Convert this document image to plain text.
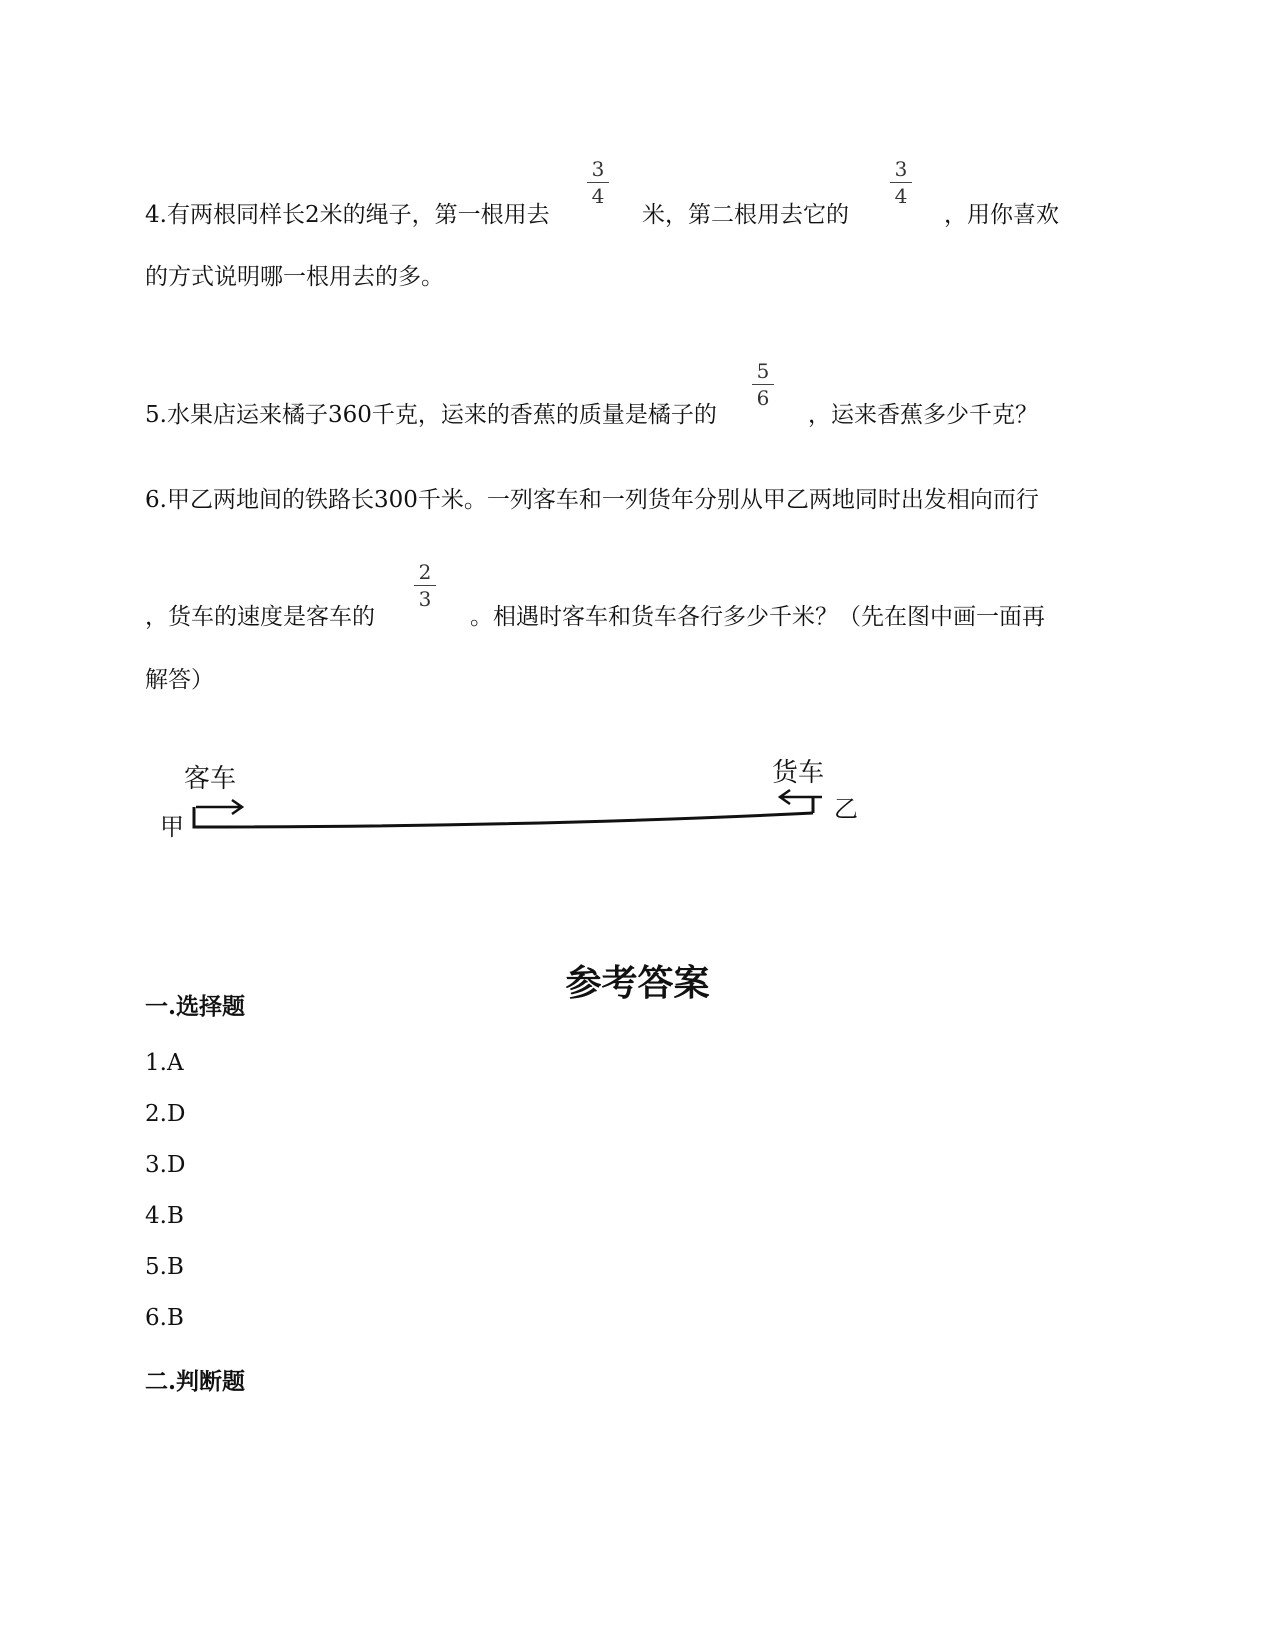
4.有两根同样长2米的绳子，第一根用去
3
4
米，第二根用去它的
3
4
，用你喜欢
的方式说明哪一根用去的多。
5.水果店运来橘子360千克，运来的香蕉的质量是橘子的
5
6
，运来香蕉多少千克？
6.甲乙两地间的铁路长300千米。一列客车和一列货年分别从甲乙两地同时出发相向而行
，货车的速度是客车的
2
3
。相遇时客车和货车各行多少千米？（先在图中画一面再
解答）
客车	货车
甲
乙
参考答案
一.选择题
1.A
2.D
3.D
4.B
5.B
6.B
二.判断题
